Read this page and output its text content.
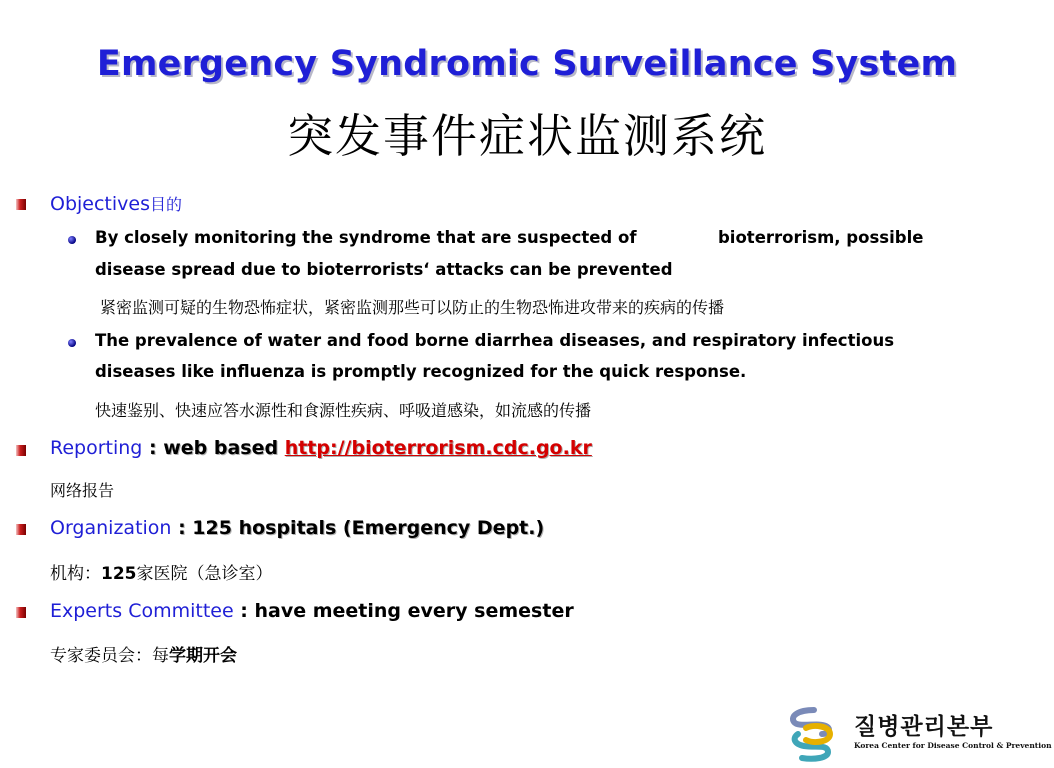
Emergency Syndromic Surveillance System
突发事件症状监测系统
Objectives目的
By closely monitoring the syndrome that are suspected of	bioterrorism, possible
disease spread due to bioterrorists‘ attacks can be prevented
紧密监测可疑的生物恐怖症状，紧密监测那些可以防止的生物恐怖进攻带来的疾病的传播
The prevalence of water and food borne diarrhea diseases, and respiratory infectious
diseases like influenza is promptly recognized for the quick response.
快速鉴别、快速应答水源性和食源性疾病、呼吸道感染，如流感的传播
Reporting : web based http://bioterrorism.cdc.go.kr
网络报告
Organization : 125 hospitals (Emergency Dept.)
机构：125家医院（急诊室）
Experts Committee : have meeting every semester
专家委员会：每学期开会
질병관리본부
Korea Center for Disease Control & Prevention
